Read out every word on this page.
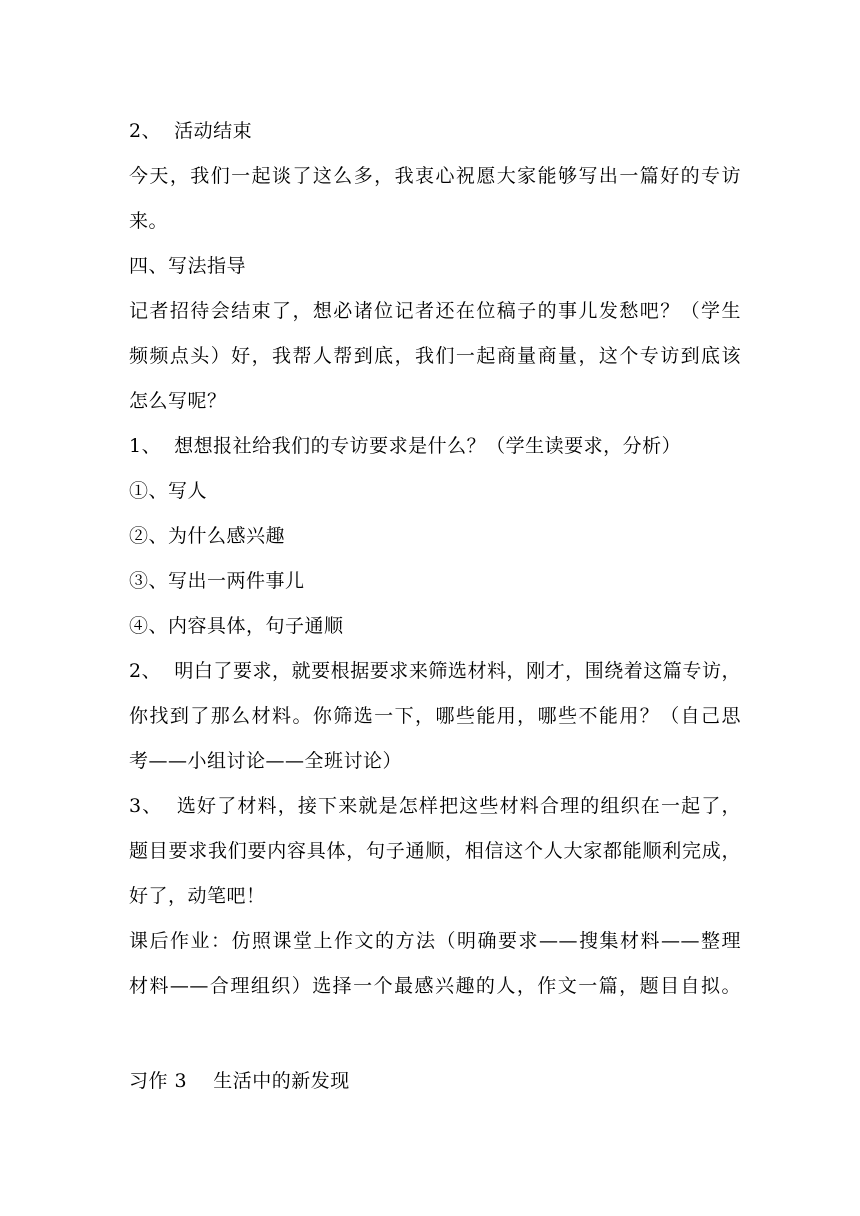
2、  活动结束
今天，我们一起谈了这么多，我衷心祝愿大家能够写出一篇好的专访
来。
四、写法指导
记者招待会结束了，想必诸位记者还在位稿子的事儿发愁吧？（学生
频频点头）好，我帮人帮到底，我们一起商量商量，这个专访到底该
怎么写呢？
1、  想想报社给我们的专访要求是什么？（学生读要求，分析）
①、写人
②、为什么感兴趣
③、写出一两件事儿
④、内容具体，句子通顺
2、  明白了要求，就要根据要求来筛选材料，刚才，围绕着这篇专访，
你找到了那么材料。你筛选一下，哪些能用，哪些不能用？（自己思
考——小组讨论——全班讨论）
3、  选好了材料，接下来就是怎样把这些材料合理的组织在一起了，
题目要求我们要内容具体，句子通顺，相信这个人大家都能顺利完成，
好了，动笔吧！
课后作业：仿照课堂上作文的方法（明确要求——搜集材料——整理
材料——合理组织）选择一个最感兴趣的人，作文一篇，题目自拟。
习作 3    生活中的新发现
